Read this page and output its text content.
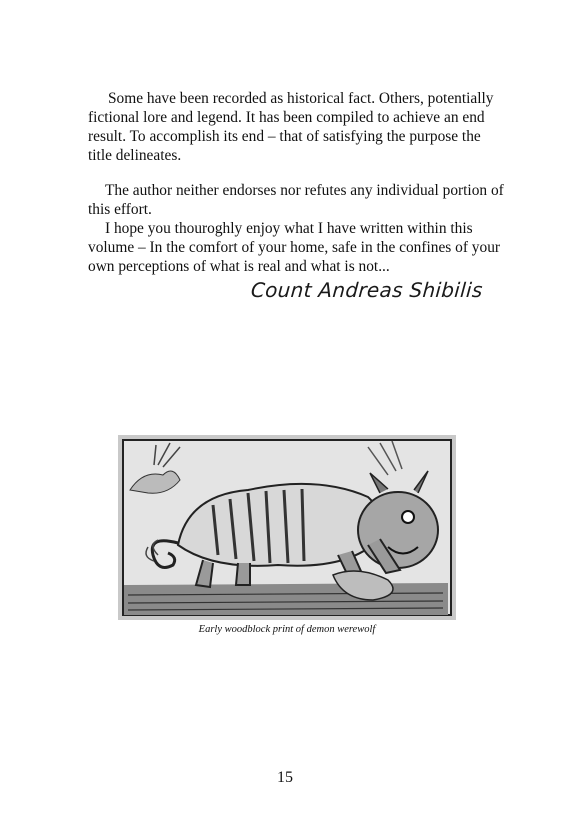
Some have been recorded as historical fact. Others, potentially fictional lore and legend. It has been compiled to achieve an end result. To accomplish its end – that of satisfying the purpose the title delineates.

The author neither endorses nor refutes any individual portion of this effort.

I hope you thouroghly enjoy what I have written within this volume – In the comfort of your home, safe in the confines of your own perceptions of what is real and what is not...

Count Andreas Shibilis
Early woodblock print of demon werewolf
15
